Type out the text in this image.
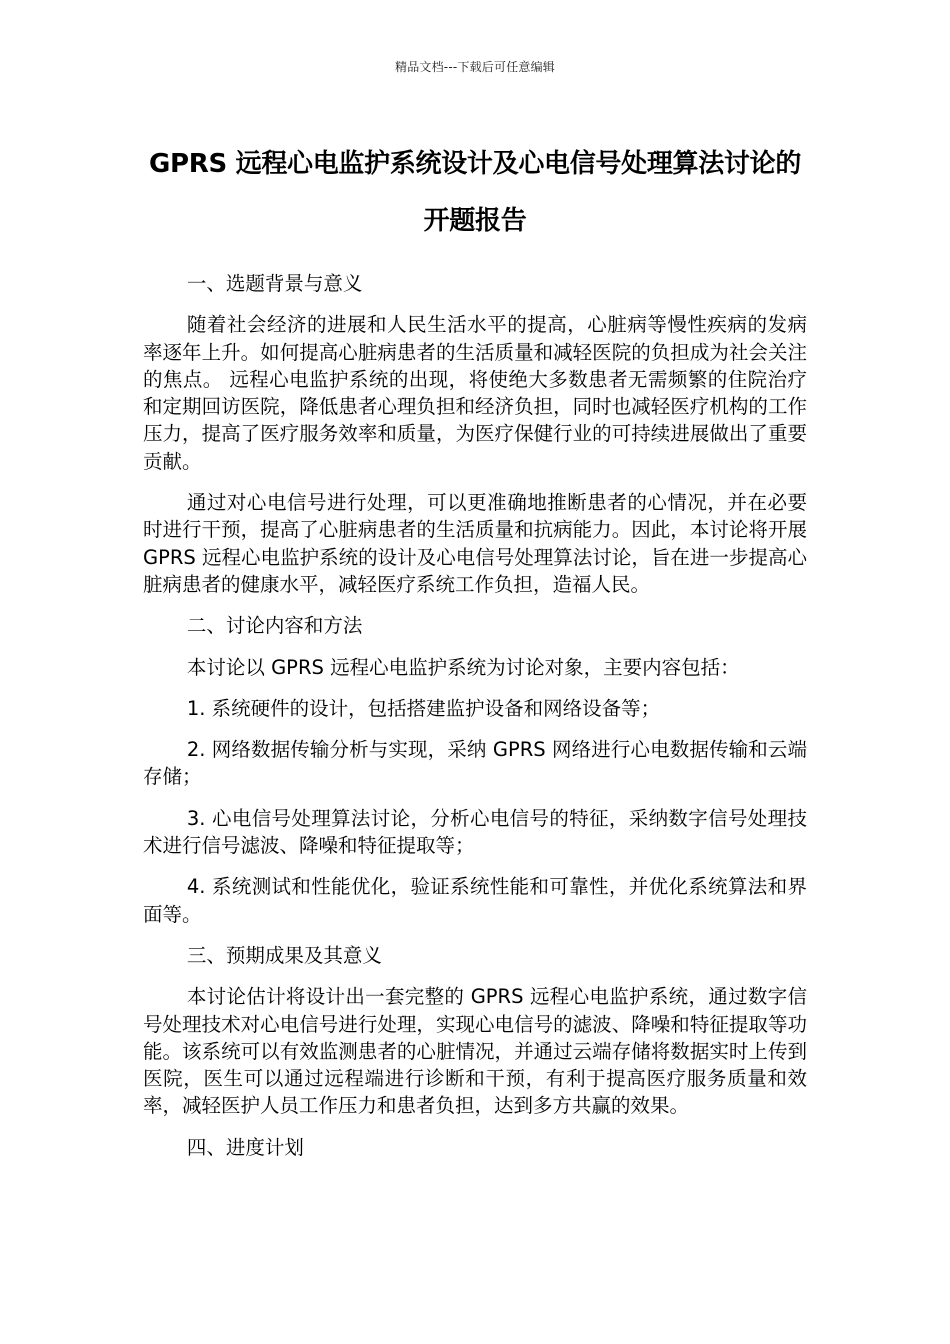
精品文档---下载后可任意编辑
GPRS 远程心电监护系统设计及心电信号处理算法讨论的开题报告

一、选题背景与意义

随着社会经济的进展和人民生活水平的提高，心脏病等慢性疾病的发病率逐年上升。如何提高心脏病患者的生活质量和减轻医院的负担成为社会关注的焦点。 远程心电监护系统的出现，将使绝大多数患者无需频繁的住院治疗和定期回访医院，降低患者心理负担和经济负担，同时也减轻医疗机构的工作压力，提高了医疗服务效率和质量，为医疗保健行业的可持续进展做出了重要贡献。

通过对心电信号进行处理，可以更准确地推断患者的心情况，并在必要时进行干预，提高了心脏病患者的生活质量和抗病能力。因此，本讨论将开展 GPRS 远程心电监护系统的设计及心电信号处理算法讨论，旨在进一步提高心脏病患者的健康水平，减轻医疗系统工作负担，造福人民。

二、讨论内容和方法

本讨论以 GPRS 远程心电监护系统为讨论对象，主要内容包括：

1. 系统硬件的设计，包括搭建监护设备和网络设备等；

2. 网络数据传输分析与实现，采纳 GPRS 网络进行心电数据传输和云端存储；

3. 心电信号处理算法讨论，分析心电信号的特征，采纳数字信号处理技术进行信号滤波、降噪和特征提取等；

4. 系统测试和性能优化，验证系统性能和可靠性，并优化系统算法和界面等。

三、预期成果及其意义

本讨论估计将设计出一套完整的 GPRS 远程心电监护系统，通过数字信号处理技术对心电信号进行处理，实现心电信号的滤波、降噪和特征提取等功能。该系统可以有效监测患者的心脏情况，并通过云端存储将数据实时上传到医院，医生可以通过远程端进行诊断和干预，有利于提高医疗服务质量和效率，减轻医护人员工作压力和患者负担，达到多方共赢的效果。

四、进度计划
